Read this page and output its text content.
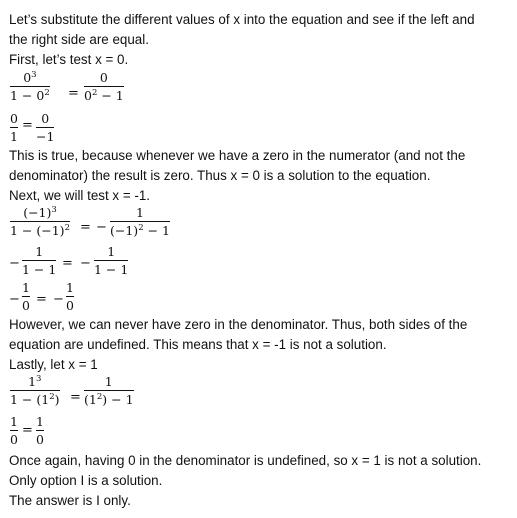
Let’s substitute the different values of x into the equation and see if the left and
the right side are equal.
First, let’s test x = 0.
$0^3$
$1 - 0^2$ =
0
$0^2 - 1$
0
1
= 0
−1
This is true, because whenever we have a zero in the numerator (and not the
denominator) the result is zero. Thus x = 0 is a solution to the equation.
Next, we will test x = -1.
$(-1)^3$
$1 - (-1)^2$ = −
1
$(-1)^2 - 1$
−
1
1 − 1 = −
1
1 − 1
−
1
0 = −
1
0
However, we can never have zero in the denominator. Thus, both sides of the
equation are undefined. This means that x = -1 is not a solution.
Lastly, let x = 1
$1^3$
$1 - (1^2)$ =
1
$(1^2) - 1$
1
0
=
1
0
Once again, having 0 in the denominator is undefined, so x = 1 is not a solution.
Only option I is a solution.
The answer is I only.
